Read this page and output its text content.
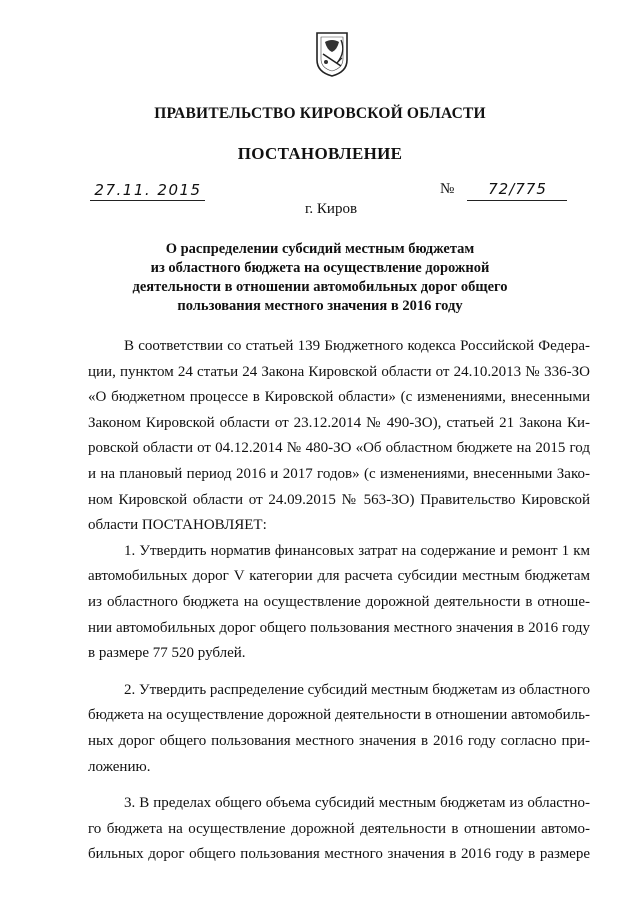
ПРАВИТЕЛЬСТВО КИРОВСКОЙ ОБЛАСТИ
ПОСТАНОВЛЕНИЕ
27.11. 2015	№	72/775
г. Киров
О распределении субсидий местным бюджетам
из областного бюджета на осуществление дорожной
деятельности в отношении автомобильных дорог общего
пользования местного значения в 2016 году
В соответствии со статьей 139 Бюджетного кодекса Российской Федера-
ции, пунктом 24 статьи 24 Закона Кировской области от 24.10.2013 № 336-ЗО
«О бюджетном процессе в Кировской области» (с изменениями, внесенными
Законом Кировской области от 23.12.2014 № 490-ЗО), статьей 21 Закона Ки-
ровской области от 04.12.2014 № 480-ЗО «Об областном бюджете на 2015 год
и на плановый период 2016 и 2017 годов» (с изменениями, внесенными Зако-
ном Кировской области от 24.09.2015 № 563-ЗО) Правительство Кировской
области ПОСТАНОВЛЯЕТ:
1. Утвердить норматив финансовых затрат на содержание и ремонт 1 км
автомобильных дорог V категории для расчета субсидии местным бюджетам
из областного бюджета на осуществление дорожной деятельности в отноше-
нии автомобильных дорог общего пользования местного значения в 2016 году
в размере 77 520 рублей.
2. Утвердить распределение субсидий местным бюджетам из областного
бюджета на осуществление дорожной деятельности в отношении автомобиль-
ных дорог общего пользования местного значения в 2016 году согласно при-
ложению.
3. В пределах общего объема субсидий местным бюджетам из областно-
го бюджета на осуществление дорожной деятельности в отношении автомо-
бильных дорог общего пользования местного значения в 2016 году в размере
